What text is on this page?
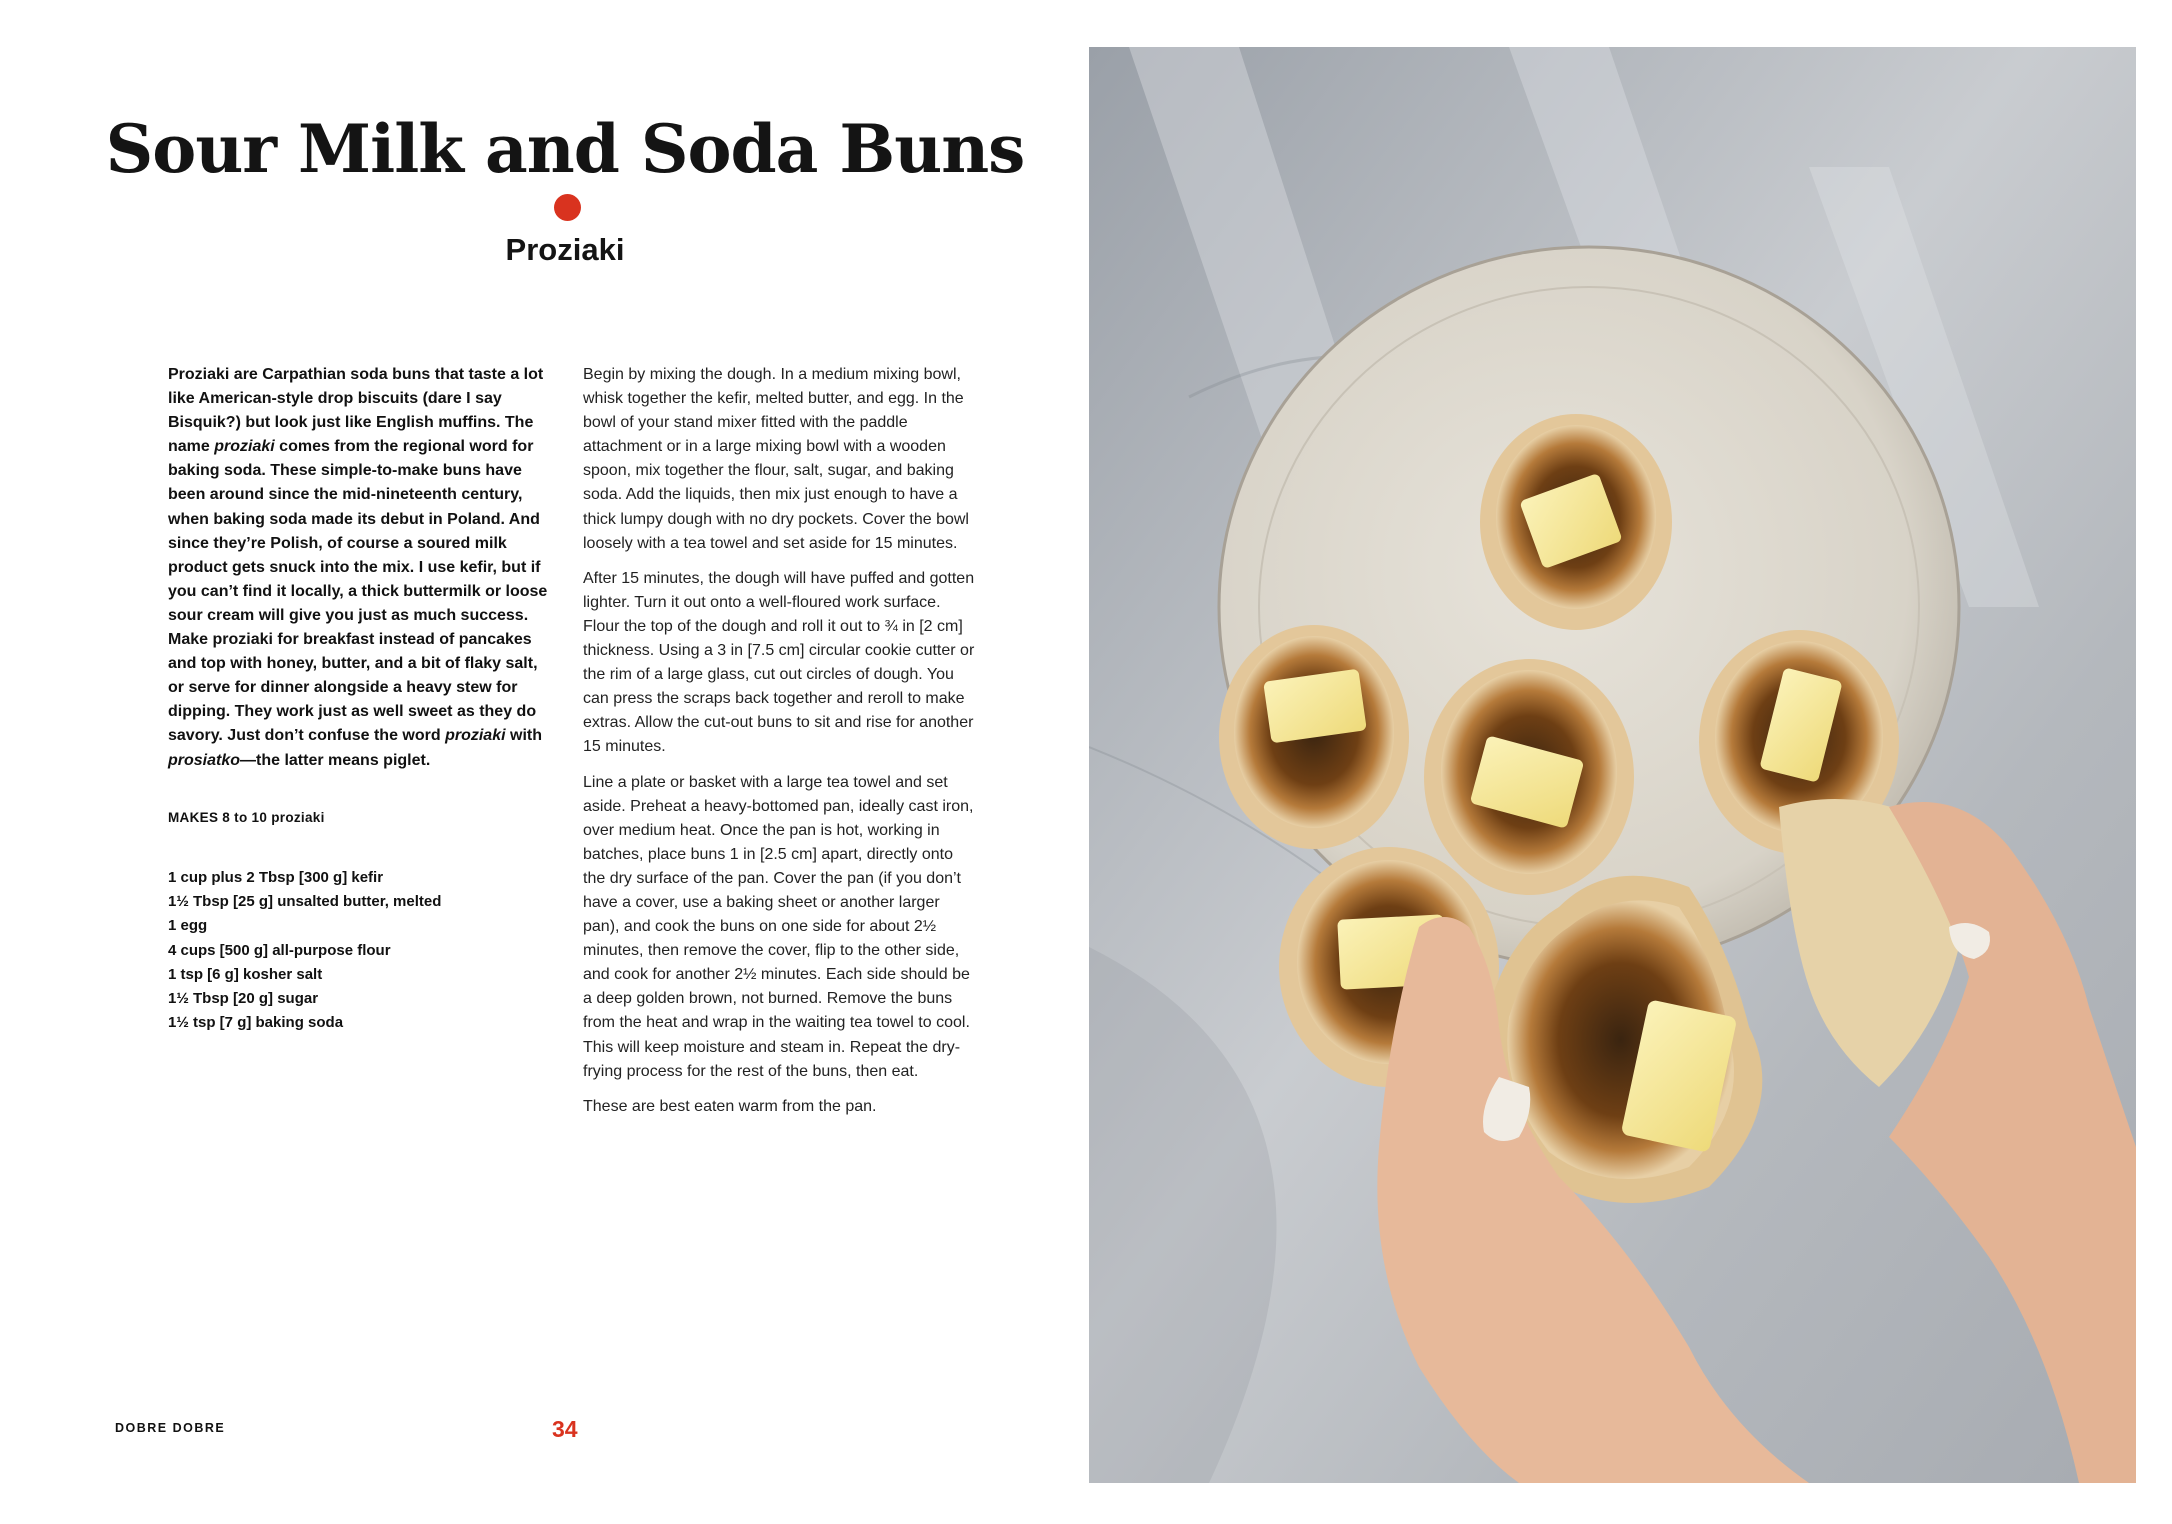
Sour Milk and Soda Buns
Proziaki

Proziaki are Carpathian soda buns that taste a lot like American-style drop biscuits (dare I say Bisquik?) but look just like English muffins. The name proziaki comes from the regional word for baking soda. These simple-to-make buns have been around since the mid-nineteenth century, when baking soda made its debut in Poland. And since they’re Polish, of course a soured milk product gets snuck into the mix. I use kefir, but if you can’t find it locally, a thick buttermilk or loose sour cream will give you just as much success. Make proziaki for breakfast instead of pancakes and top with honey, butter, and a bit of flaky salt, or serve for dinner alongside a heavy stew for dipping. They work just as well sweet as they do savory. Just don’t confuse the word proziaki with prosiatko—the latter means piglet.

MAKES 8 to 10 proziaki

1 cup plus 2 Tbsp [300 g] kefir
1½ Tbsp [25 g] unsalted butter, melted
1 egg
4 cups [500 g] all-purpose flour
1 tsp [6 g] kosher salt
1½ Tbsp [20 g] sugar
1½ tsp [7 g] baking soda

Begin by mixing the dough. In a medium mixing bowl, whisk together the kefir, melted butter, and egg. In the bowl of your stand mixer fitted with the paddle attachment or in a large mixing bowl with a wooden spoon, mix together the flour, salt, sugar, and baking soda. Add the liquids, then mix just enough to have a thick lumpy dough with no dry pockets. Cover the bowl loosely with a tea towel and set aside for 15 minutes.

After 15 minutes, the dough will have puffed and gotten lighter. Turn it out onto a well-floured work surface. Flour the top of the dough and roll it out to ¾ in [2 cm] thickness. Using a 3 in [7.5 cm] circular cookie cutter or the rim of a large glass, cut out circles of dough. You can press the scraps back together and reroll to make extras. Allow the cut-out buns to sit and rise for another 15 minutes.

Line a plate or basket with a large tea towel and set aside. Preheat a heavy-bottomed pan, ideally cast iron, over medium heat. Once the pan is hot, working in batches, place buns 1 in [2.5 cm] apart, directly onto the dry surface of the pan. Cover the pan (if you don’t have a cover, use a baking sheet or another larger pan), and cook the buns on one side for about 2½ minutes, then remove the cover, flip to the other side, and cook for another 2½ minutes. Each side should be a deep golden brown, not burned. Remove the buns from the heat and wrap in the waiting tea towel to cool. This will keep moisture and steam in. Repeat the dry-frying process for the rest of the buns, then eat.

These are best eaten warm from the pan.

DOBRE DOBRE	34
